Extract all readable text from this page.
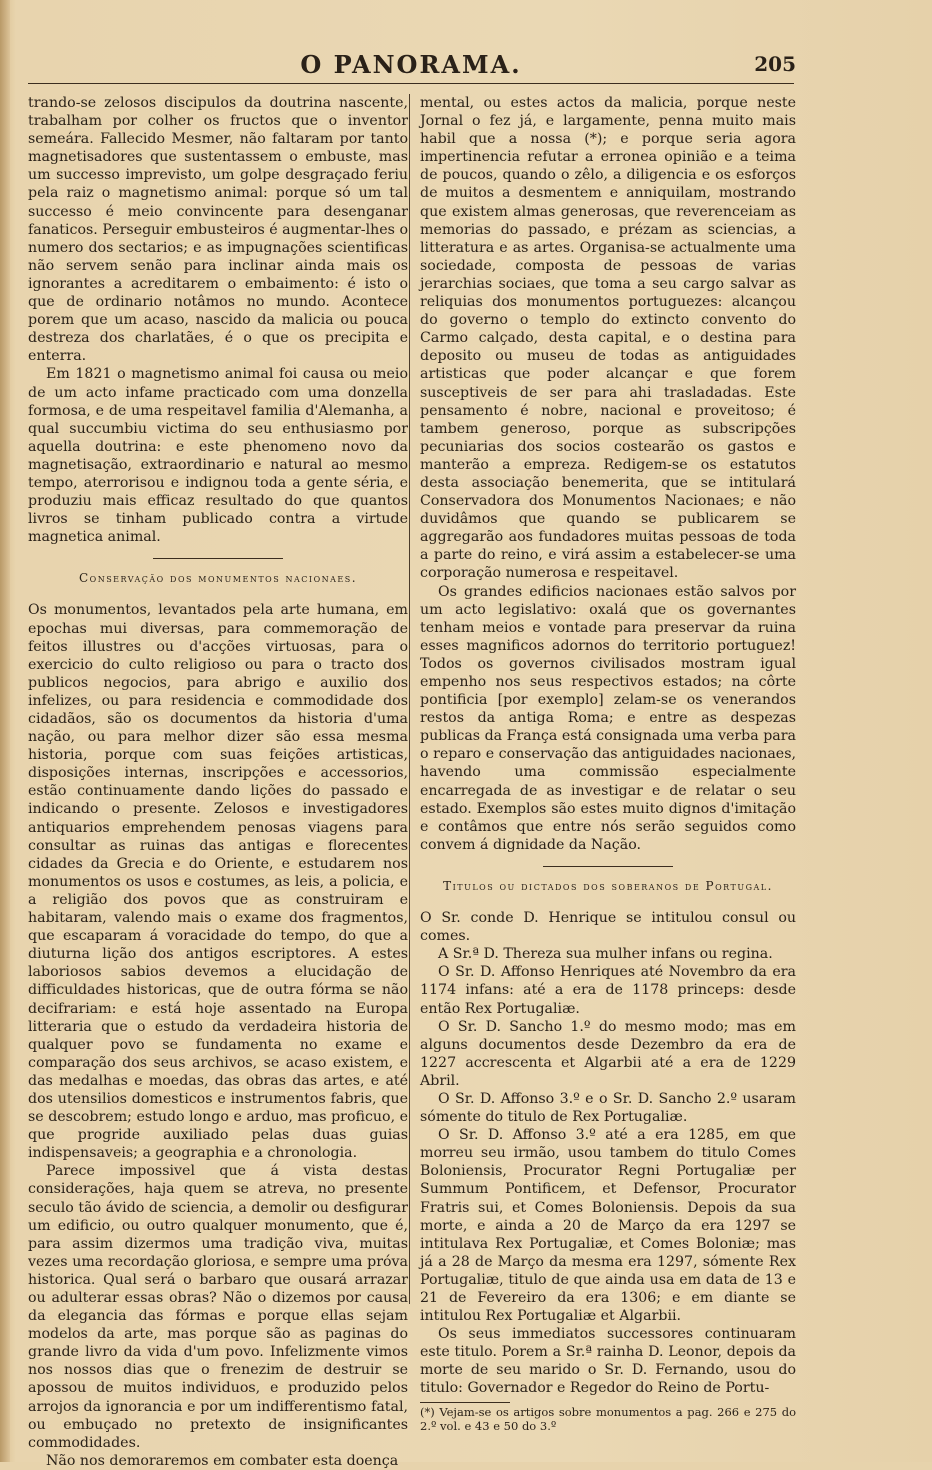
O PANORAMA.	205

trando-se zelosos discipulos da doutrina nascente, trabalham por colher os fructos que o inventor semeára. Fallecido Mesmer, não faltaram por tanto magnetisadores que sustentassem o embuste, mas um successo imprevisto, um golpe desgraçado feriu pela raiz o magnetismo animal: porque só um tal successo é meio convincente para desenganar fanaticos. Perseguir embusteiros é augmentar-lhes o numero dos sectarios; e as impugnações scientificas não servem senão para inclinar ainda mais os ignorantes a acreditarem o embaimento: é isto o que de ordinario notâmos no mundo. Acontece porem que um acaso, nascido da malicia ou pouca destreza dos charlatães, é o que os precipita e enterra.

Em 1821 o magnetismo animal foi causa ou meio de um acto infame practicado com uma donzella formosa, e de uma respeitavel familia d'Alemanha, a qual succumbiu victima do seu enthusiasmo por aquella doutrina: e este phenomeno novo da magnetisação, extraordinario e natural ao mesmo tempo, aterrorisou e indignou toda a gente séria, e produziu mais efficaz resultado do que quantos livros se tinham publicado contra a virtude magnetica animal.

Conservação dos monumentos nacionaes.

Os monumentos, levantados pela arte humana, em epochas mui diversas, para commemoração de feitos illustres ou d'acções virtuosas, para o exercicio do culto religioso ou para o tracto dos publicos negocios, para abrigo e auxilio dos infelizes, ou para residencia e commodidade dos cidadãos, são os documentos da historia d'uma nação, ou para melhor dizer são essa mesma historia, porque com suas feições artisticas, disposições internas, inscripções e accessorios, estão continuamente dando lições do passado e indicando o presente. Zelosos e investigadores antiquarios emprehendem penosas viagens para consultar as ruinas das antigas e florecentes cidades da Grecia e do Oriente, e estudarem nos monumentos os usos e costumes, as leis, a policia, e a religião dos povos que as construiram e habitaram, valendo mais o exame dos fragmentos, que escaparam á voracidade do tempo, do que a diuturna lição dos antigos escriptores. A estes laboriosos sabios devemos a elucidação de difficuldades historicas, que de outra fórma se não decifrariam: e está hoje assentado na Europa litteraria que o estudo da verdadeira historia de qualquer povo se fundamenta no exame e comparação dos seus archivos, se acaso existem, e das medalhas e moedas, das obras das artes, e até dos utensilios domesticos e instrumentos fabris, que se descobrem; estudo longo e arduo, mas proficuo, e que progride auxiliado pelas duas guias indispensaveis; a geographia e a chronologia.

Parece impossivel que á vista destas considerações, haja quem se atreva, no presente seculo tão ávido de sciencia, a demolir ou desfigurar um edificio, ou outro qualquer monumento, que é, para assim dizermos uma tradição viva, muitas vezes uma recordação gloriosa, e sempre uma próva historica. Qual será o barbaro que ousará arrazar ou adulterar essas obras? Não o dizemos por causa da elegancia das fórmas e porque ellas sejam modelos da arte, mas porque são as paginas do grande livro da vida d'um povo. Infelizmente vimos nos nossos dias que o frenezim de destruir se apossou de muitos individuos, e produzido pelos arrojos da ignorancia e por um indifferentismo fatal, ou embuçado no pretexto de insignificantes commodidades.

Não nos demoraremos em combater esta doença

mental, ou estes actos da malicia, porque neste Jornal o fez já, e largamente, penna muito mais habil que a nossa (*); e porque seria agora impertinencia refutar a erronea opinião e a teima de poucos, quando o zêlo, a diligencia e os esforços de muitos a desmentem e anniquilam, mostrando que existem almas generosas, que reverenceiam as memorias do passado, e prézam as sciencias, a litteratura e as artes. Organisa-se actualmente uma sociedade, composta de pessoas de varias jerarchias sociaes, que toma a seu cargo salvar as reliquias dos monumentos portuguezes: alcançou do governo o templo do extincto convento do Carmo calçado, desta capital, e o destina para deposito ou museu de todas as antiguidades artisticas que poder alcançar e que forem susceptiveis de ser para ahi trasladadas. Este pensamento é nobre, nacional e proveitoso; é tambem generoso, porque as subscripções pecuniarias dos socios costearão os gastos e manterão a empreza. Redigem-se os estatutos desta associação benemerita, que se intitulará Conservadora dos Monumentos Nacionaes; e não duvidâmos que quando se publicarem se aggregarão aos fundadores muitas pessoas de toda a parte do reino, e virá assim a estabelecer-se uma corporação numerosa e respeitavel.

Os grandes edificios nacionaes estão salvos por um acto legislativo: oxalá que os governantes tenham meios e vontade para preservar da ruina esses magnificos adornos do territorio portuguez! Todos os governos civilisados mostram igual empenho nos seus respectivos estados; na côrte pontificia [por exemplo] zelam-se os venerandos restos da antiga Roma; e entre as despezas publicas da França está consignada uma verba para o reparo e conservação das antiguidades nacionaes, havendo uma commissão especialmente encarregada de as investigar e de relatar o seu estado. Exemplos são estes muito dignos d'imitação e contâmos que entre nós serão seguidos como convem á dignidade da Nação.

Titulos ou dictados dos soberanos de Portugal.

O Sr. conde D. Henrique se intitulou consul ou comes.

A Sr.ª D. Thereza sua mulher infans ou regina.

O Sr. D. Affonso Henriques até Novembro da era 1174 infans: até a era de 1178 princeps: desde então Rex Portugaliæ.

O Sr. D. Sancho 1.º do mesmo modo; mas em alguns documentos desde Dezembro da era de 1227 accrescenta et Algarbii até a era de 1229 Abril.

O Sr. D. Affonso 3.º e o Sr. D. Sancho 2.º usaram sómente do titulo de Rex Portugaliæ.

O Sr. D. Affonso 3.º até a era 1285, em que morreu seu irmão, usou tambem do titulo Comes Boloniensis, Procurator Regni Portugaliæ per Summum Pontificem, et Defensor, Procurator Fratris sui, et Comes Boloniensis. Depois da sua morte, e ainda a 20 de Março da era 1297 se intitulava Rex Portugaliæ, et Comes Boloniæ; mas já a 28 de Março da mesma era 1297, sómente Rex Portugaliæ, titulo de que ainda usa em data de 13 e 21 de Fevereiro da era 1306; e em diante se intitulou Rex Portugaliæ et Algarbii.

Os seus immediatos successores continuaram este titulo. Porem a Sr.ª rainha D. Leonor, depois da morte de seu marido o Sr. D. Fernando, usou do titulo: Governador e Regedor do Reino de Portu-

(*) Vejam-se os artigos sobre monumentos a pag. 266 e 275 do 2.º vol. e 43 e 50 do 3.º
